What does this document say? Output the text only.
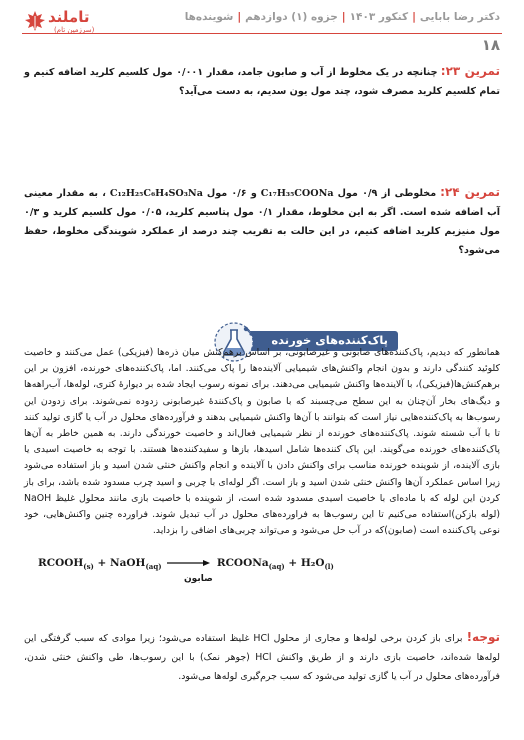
دکتر رضا بابایی|کنکور ۱۴۰۳|جزوه (۱) دوازدهم|شوینده‌ها
۱۸
تاملند
(سرزمین تام)
تمرین ۲۳: چنانچه در یک مخلوط از آب و صابون جامد، مقدار ۰/۰۰۱ مول کلسیم کلرید اضافه کنیم و تمام کلسیم کلرید مصرف شود، چند مول یون سدیم، به دست می‌آید؟
تمرین ۲۴: مخلوطی از ۰/۹ مول C₁₇H₃₅COONa و ۰/۶ مول C₁₂H₂₅C₆H₄SO₃Na ، به مقدار معینی آب اضافه شده است. اگر به این مخلوط، مقدار ۰/۱ مول پتاسیم کلرید، ۰/۰۵ مول کلسیم کلرید و ۰/۳ مول منیزیم کلرید اضافه کنیم، در این حالت به تقریب چند درصد از عملکرد شویندگی مخلوط، حفظ می‌شود؟
پاک‌کننده‌های خورنده
همانطور که دیدیم، پاک‌کننده‌های صابونی و غیرصابونی، بر اساس برهم‌کنش میان ذره‌ها (فیزیکی) عمل می‌کنند و خاصیت کلوئید کنندگی دارند و بدون انجام واکنش‌های شیمیایی آلاینده‌ها را پاک می‌کنند. اما، پاک‌کننده‌های خورنده، افزون بر این برهم‌کنش‌ها(فیزیکی)، با آلاینده‌ها واکنش شیمیایی می‌دهند. برای نمونه رسوب ایجاد شده بر دیوارهٔ کتری، لوله‌ها، آب‌راهه‌ها و دیگ‌های بخار آن‌چنان به این سطح می‌چسبند که با صابون و پاک‌کنندهٔ غیرصابونی زدوده نمی‌شوند. برای زدودن این رسوب‌ها به پاک‌کننده‌هایی نیاز است که بتوانند با آن‌ها واکنش شیمیایی بدهند و فرآورده‌های محلول در آب یا گازی تولید کنند تا با آب شسته شوند. پاک‌کننده‌های خورنده از نظر شیمیایی فعال‌اند و خاصیت خورندگی دارند. به همین خاطر به آن‌ها پاک‌کننده‌های خورنده می‌گویند. این پاک کننده‌ها شامل اسیدها، بازها و سفیدکننده‌ها هستند. با توجه به خاصیت اسیدی یا بازی آلاینده، از شوینده خورنده مناسب برای واکنش دادن با آلاینده و انجام واکنش خنثی شدن اسید و باز استفاده می‌شود زیرا اساس عملکرد آن‌ها واکنش خنثی شدن اسید و باز است. اگر لوله‌ای با چربی و اسید چرب مسدود شده باشد، برای باز کردن این لوله که با ماده‌ای با خاصیت اسیدی مسدود شده است، از شوینده با خاصیت بازی مانند محلول غلیظ NaOH (لوله بازکن)استفاده می‌کنیم تا این رسوب‌ها به فراورده‌های محلول در آب تبدیل شوند. فراورده چنین واکنش‌هایی، خود نوعی پاک‌کننده است (صابون)که در آب حل می‌شود و می‌تواند چربی‌های اضافی را بزداید.
$RCOOH_{(s)}$ + NaOH$_{(aq)}$	RCOONa$_{(aq)}$ + $H_2O_{(l)}$
صابون
توجه! برای باز کردن برخی لوله‌ها و مجاری از محلول HCl غلیظ استفاده می‌شود؛ زیرا موادی که سبب گرفتگی این لوله‌ها شده‌اند، خاصیت بازی دارند و از طریق واکنش HCl (جوهر نمک) با این رسوب‌ها، طی واکنش خنثی شدن، فرآورده‌های محلول در آب یا گازی تولید می‌شود که سبب جرم‌گیری لوله‌ها می‌شود.
